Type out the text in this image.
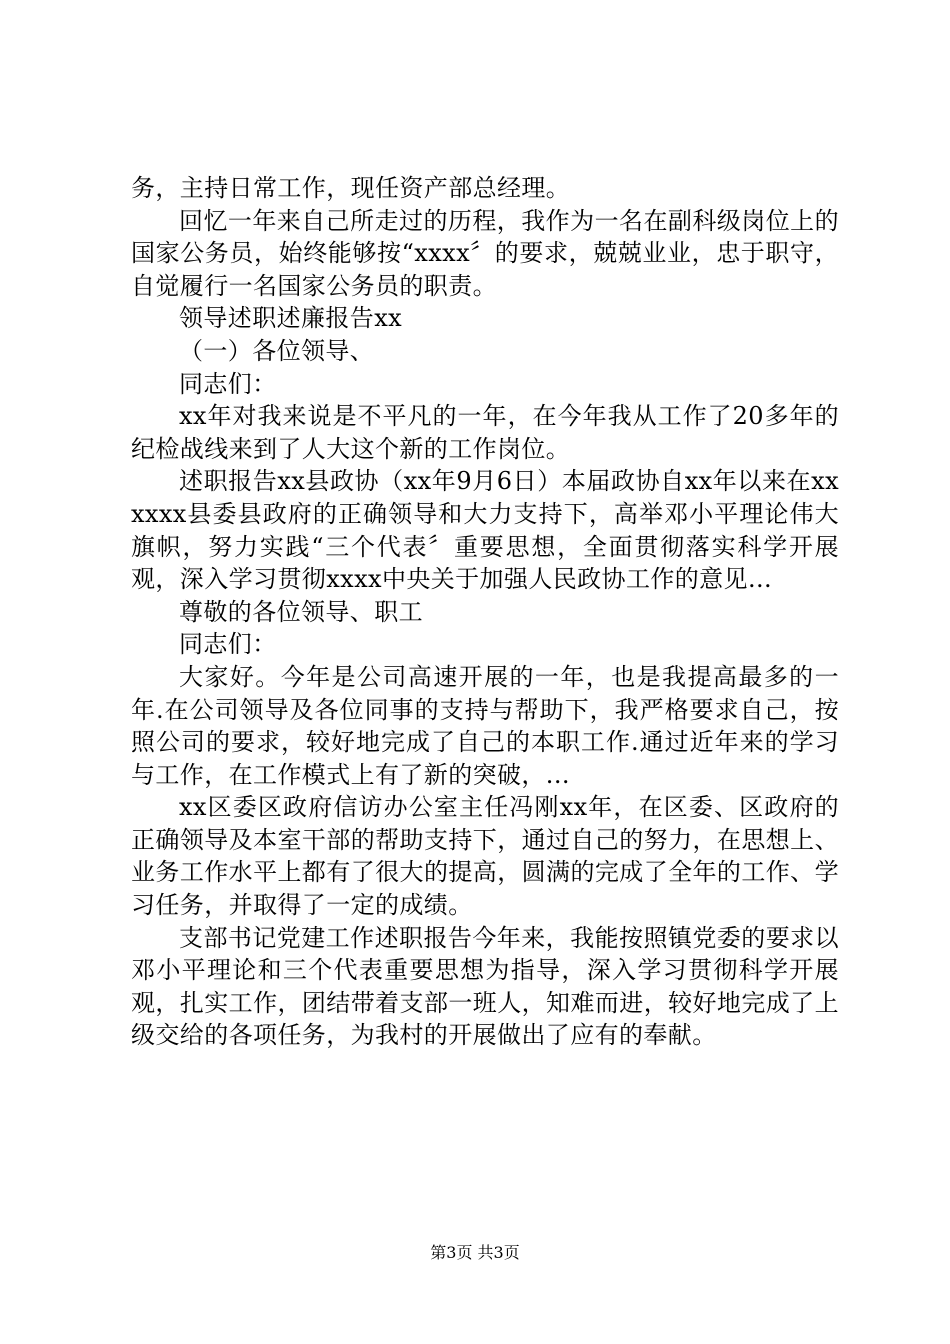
务，主持日常工作，现任资产部总经理。

回忆一年来自己所走过的历程，我作为一名在副科级岗位上的国家公务员，始终能够按“xxxx〞的要求，兢兢业业，忠于职守，自觉履行一名国家公务员的职责。

领导述职述廉报告xx

（一）各位领导、

同志们：

xx年对我来说是不平凡的一年，在今年我从工作了20多年的纪检战线来到了人大这个新的工作岗位。

述职报告xx县政协（xx年9月6日）本届政协自xx年以来在xxxxxx县委县政府的正确领导和大力支持下，高举邓小平理论伟大旗帜，努力实践“三个代表〞重要思想，全面贯彻落实科学开展观，深入学习贯彻xxxx中央关于加强人民政协工作的意见...

尊敬的各位领导、职工

同志们：

大家好。今年是公司高速开展的一年，也是我提高最多的一年.在公司领导及各位同事的支持与帮助下，我严格要求自己，按照公司的要求，较好地完成了自己的本职工作.通过近年来的学习与工作，在工作模式上有了新的突破，...

xx区委区政府信访办公室主任冯刚xx年，在区委、区政府的正确领导及本室干部的帮助支持下，通过自己的努力，在思想上、业务工作水平上都有了很大的提高，圆满的完成了全年的工作、学习任务，并取得了一定的成绩。

支部书记党建工作述职报告今年来，我能按照镇党委的要求以邓小平理论和三个代表重要思想为指导，深入学习贯彻科学开展观，扎实工作，团结带着支部一班人，知难而进，较好地完成了上级交给的各项任务，为我村的开展做出了应有的奉献。

第3页 共3页
